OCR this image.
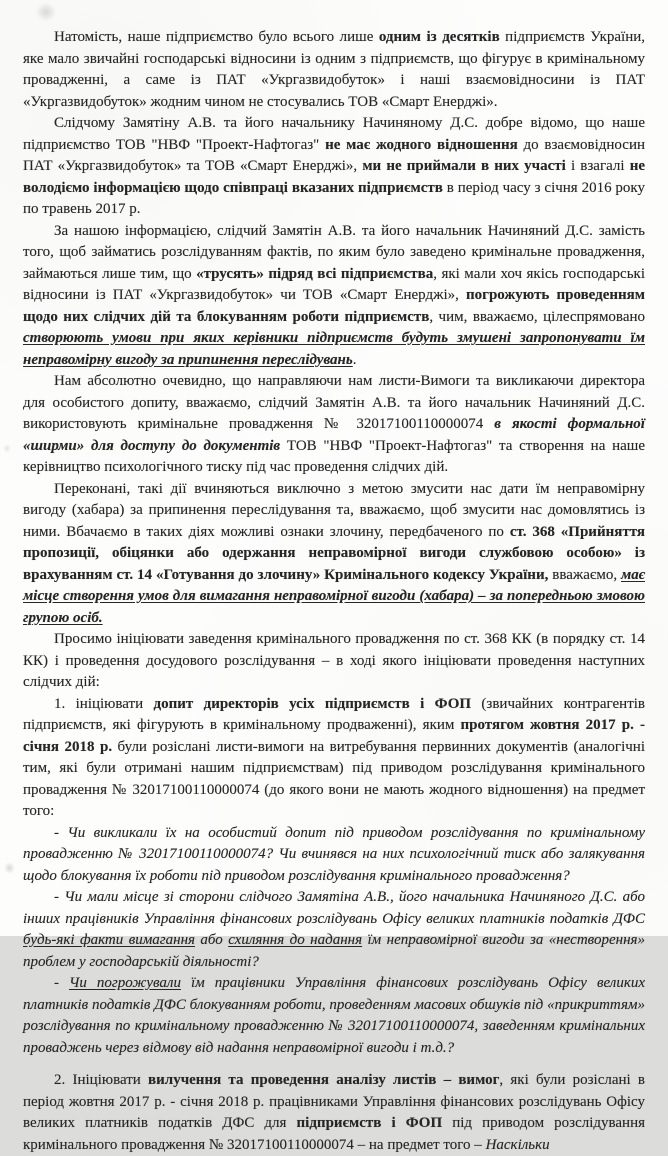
Натомість, наше підприємство було всього лише одним із десятків підприємств України, яке мало звичайні господарські відносини із одним з підприємств, що фігурує в кримінальному провадженні, а саме із ПАТ «Укргазвидобуток» і наші взаємовідносини із ПАТ «Укргазвидобуток» жодним чином не стосувались ТОВ «Смарт Енерджі».

Слідчому Замятіну А.В. та його начальнику Начиняному Д.С. добре відомо, що наше підприємство ТОВ "НВФ "Проект-Нафтогаз" не має жодного відношення до взаємовідносин ПАТ «Укргазвидобуток» та ТОВ «Смарт Енерджі», ми не приймали в них участі і взагалі не володіємо інформацією щодо співпраці вказаних підприємств в період часу з січня 2016 року по травень 2017 р.

За нашою інформацією, слідчий Замятін А.В. та його начальник Начиняний Д.С. замість того, щоб займатись розслідуванням фактів, по яким було заведено кримінальне провадження, займаються лише тим, що «трусять» підряд всі підприємства, які мали хоч якісь господарські відносини із ПАТ «Укргазвидобуток» чи ТОВ «Смарт Енерджі», погрожують проведенням щодо них слідчих дій та блокуванням роботи підприємств, чим, вважаємо, цілеспрямовано створюють умови при яких керівники підприємств будуть змушені запропонувати їм неправомірну вигоду за припинення переслідувань.

Нам абсолютно очевидно, що направляючи нам листи-Вимоги та викликаючи директора для особистого допиту, вважаємо, слідчий Замятін А.В. та його начальник Начиняний Д.С. використовують кримінальне провадження № 32017100110000074 в якості формальної «ширми» для доступу до документів ТОВ "НВФ "Проект-Нафтогаз" та створення на наше керівництво психологічного тиску під час проведення слідчих дій.

Переконані, такі дії вчиняються виключно з метою змусити нас дати їм неправомірну вигоду (хабара) за припинення переслідування та, вважаємо, щоб змусити нас домовлятись із ними. Вбачаємо в таких діях можливі ознаки злочину, передбаченого по ст. 368 «Прийняття пропозиції, обіцянки або одержання неправомірної вигоди службовою особою» із врахуванням ст. 14 «Готування до злочину» Кримінального кодексу України, вважаємо, має місце створення умов для вимагання неправомірної вигоди (хабара) – за попередньою змовою групою осіб.

Просимо ініціювати заведення кримінального провадження по ст. 368 КК (в порядку ст. 14 КК) і проведення досудового розслідування – в ході якого ініціювати проведення наступних слідчих дій:

1. ініціювати допит директорів усіх підприємств і ФОП (звичайних контрагентів підприємств, які фігурують в кримінальному продваженні), яким протягом жовтня 2017 р. - січня 2018 р. були розіслані листи-вимоги на витребування первинних документів (аналогічні тим, які були отримані нашим підприємствам) під приводом розслідування кримінального провадження № 32017100110000074 (до якого вони не мають жодного відношення) на предмет того:

- Чи викликали їх на особистий допит під приводом розслідування по кримінальному провадженню № 32017100110000074? Чи вчинявся на них психологічний тиск або залякування щодо блокування їх роботи під приводом розслідування кримінального провадження?

- Чи мали місце зі сторони слідчого Замятіна А.В., його начальника Начиняного Д.С. або інших працівників Управління фінансових розслідувань Офісу великих платників податків ДФС будь-які факти вимагання або схиляння до надання їм неправомірної вигоди за «нестворення» проблем у господарській діяльності?

- Чи погрожували їм працівники Управління фінансових розслідувань Офісу великих платників податків ДФС блокуванням роботи, проведенням масових обшуків під «прикриттям» розслідування по кримінальному провадженню № 32017100110000074, заведенням кримінальних проваджень через відмову від надання неправомірної вигоди і т.д.?

2. Ініціювати вилучення та проведення аналізу листів – вимог, які були розіслані в період жовтня 2017 р. - січня 2018 р. працівниками Управління фінансових розслідувань Офісу великих платників податків ДФС для підприємств і ФОП під приводом розслідування кримінального провадження № 32017100110000074 – на предмет того – Наскільки
